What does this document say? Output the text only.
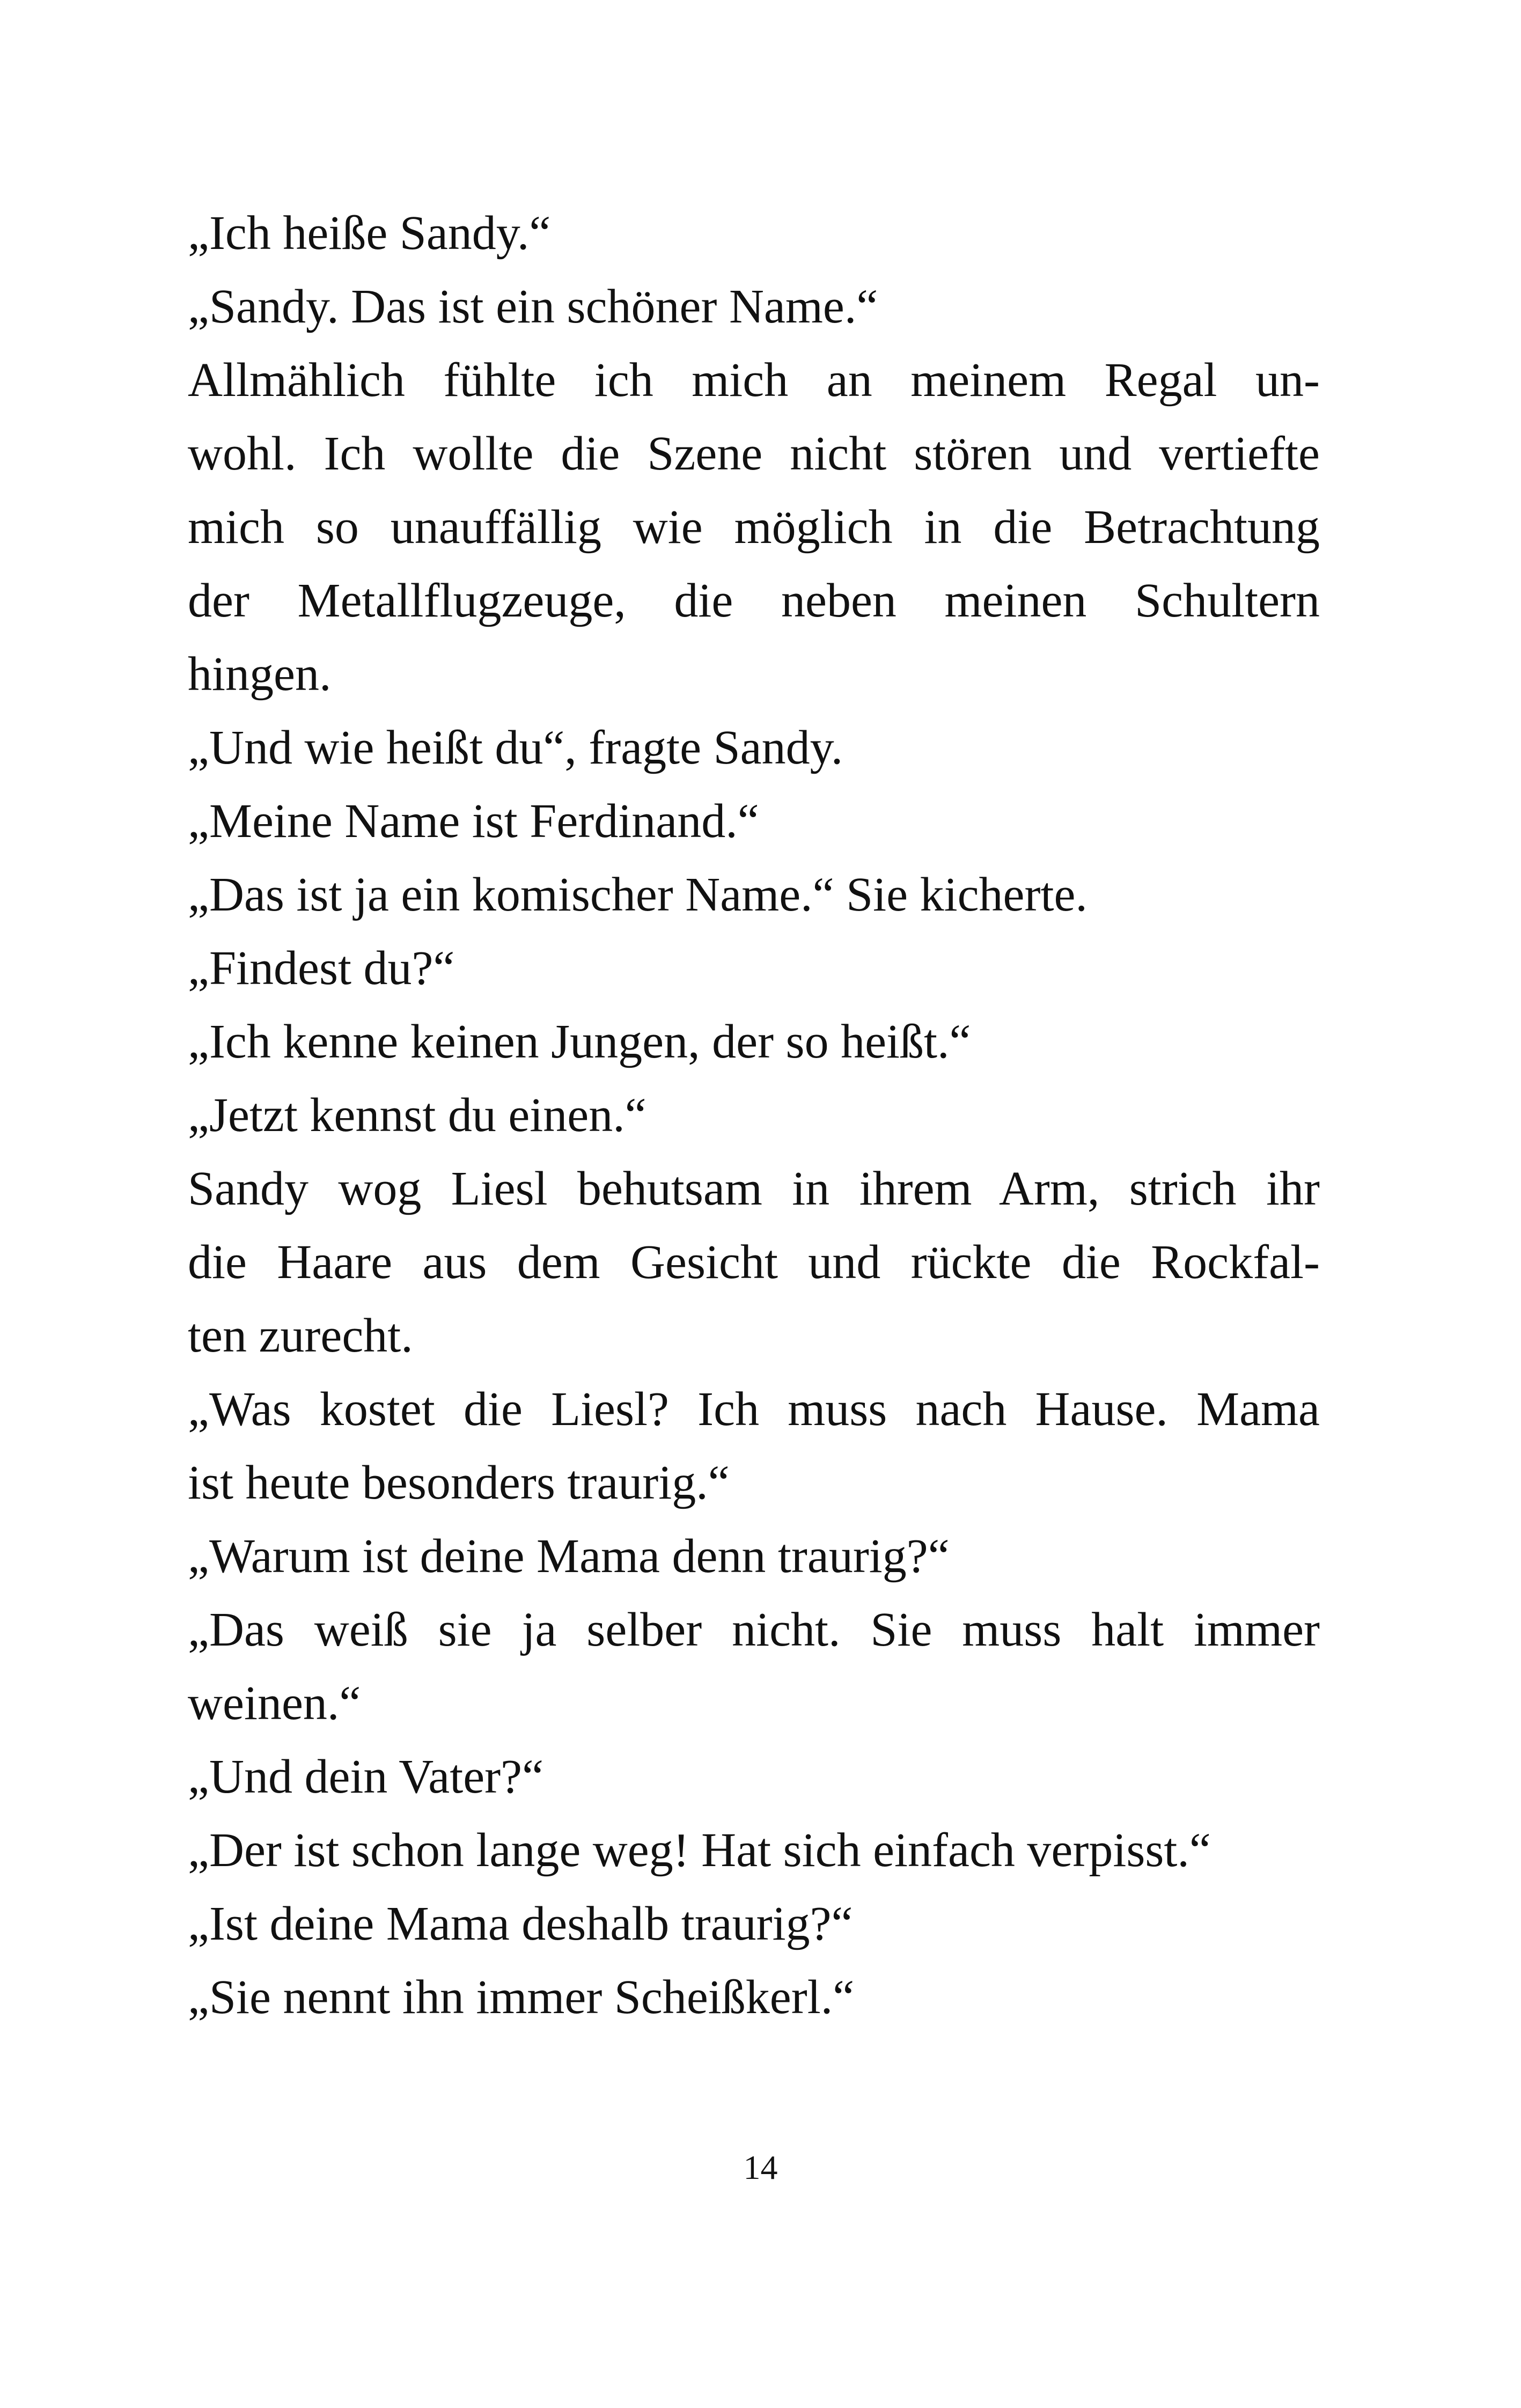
„Ich heiße Sandy.“
„Sandy. Das ist ein schöner Name.“
Allmählich fühlte ich mich an meinem Regal un-
wohl. Ich wollte die Szene nicht stören und vertiefte
mich so unauffällig wie möglich in die Betrachtung
der Metallflugzeuge, die neben meinen Schultern
hingen.
„Und wie heißt du“, fragte Sandy.
„Meine Name ist Ferdinand.“
„Das ist ja ein komischer Name.“ Sie kicherte.
„Findest du?“
„Ich kenne keinen Jungen, der so heißt.“
„Jetzt kennst du einen.“
Sandy wog Liesl behutsam in ihrem Arm, strich ihr
die Haare aus dem Gesicht und rückte die Rockfal-
ten zurecht.
„Was kostet die Liesl? Ich muss nach Hause. Mama
ist heute besonders traurig.“
„Warum ist deine Mama denn traurig?“
„Das weiß sie ja selber nicht. Sie muss halt immer
weinen.“
„Und dein Vater?“
„Der ist schon lange weg! Hat sich einfach verpisst.“
„Ist deine Mama deshalb traurig?“
„Sie nennt ihn immer Scheißkerl.“
14
